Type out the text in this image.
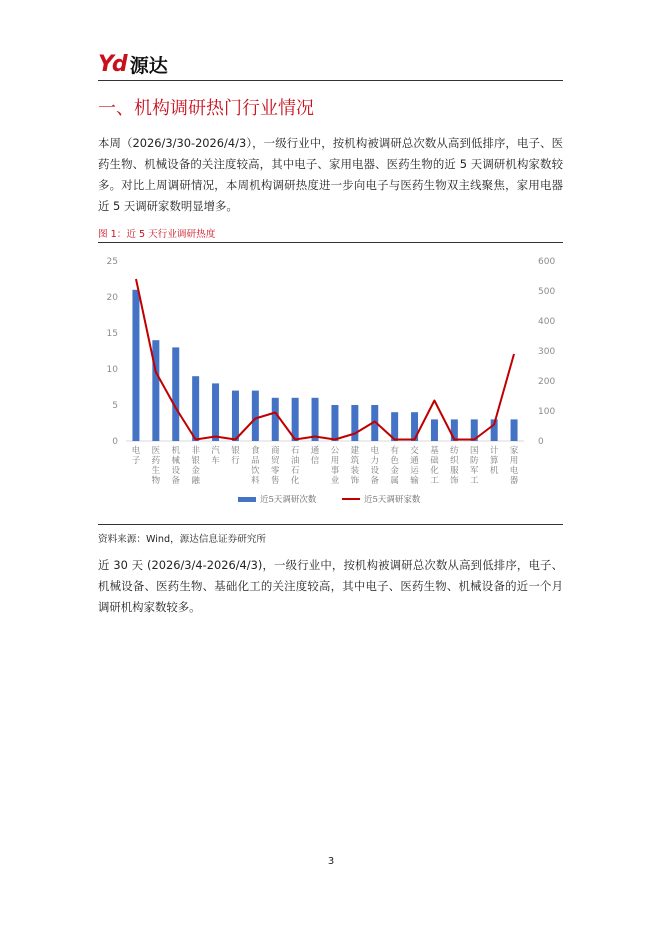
Yd 源达
一、机构调研热门行业情况

本周（2026/3/30-2026/4/3），一级行业中，按机构被调研总次数从高到低排序，电子、医药生物、机械设备的关注度较高，其中电子、家用电器、医药生物的近 5 天调研机构家数较多。对比上周调研情况，本周机构调研热度进一步向电子与医药生物双主线聚焦，家用电器近 5 天调研家数明显增多。

图 1：近 5 天行业调研热度
0
5
10
15
20
25
0
100
200
300
400
500
600
电子
医药生物
机械设备
非银金融
汽车
银行
食品饮料
商贸零售
石油石化
通信
公用事业
建筑装饰
电力设备
有色金属
交通运输
基础化工
纺织服饰
国防军工
计算机
家用电器
近5天调研次数	近5天调研家数
资料来源：Wind，源达信息证券研究所

近 30 天 (2026/3/4-2026/4/3)，一级行业中，按机构被调研总次数从高到低排序，电子、机械设备、医药生物、基础化工的关注度较高，其中电子、医药生物、机械设备的近一个月调研机构家数较多。

3
